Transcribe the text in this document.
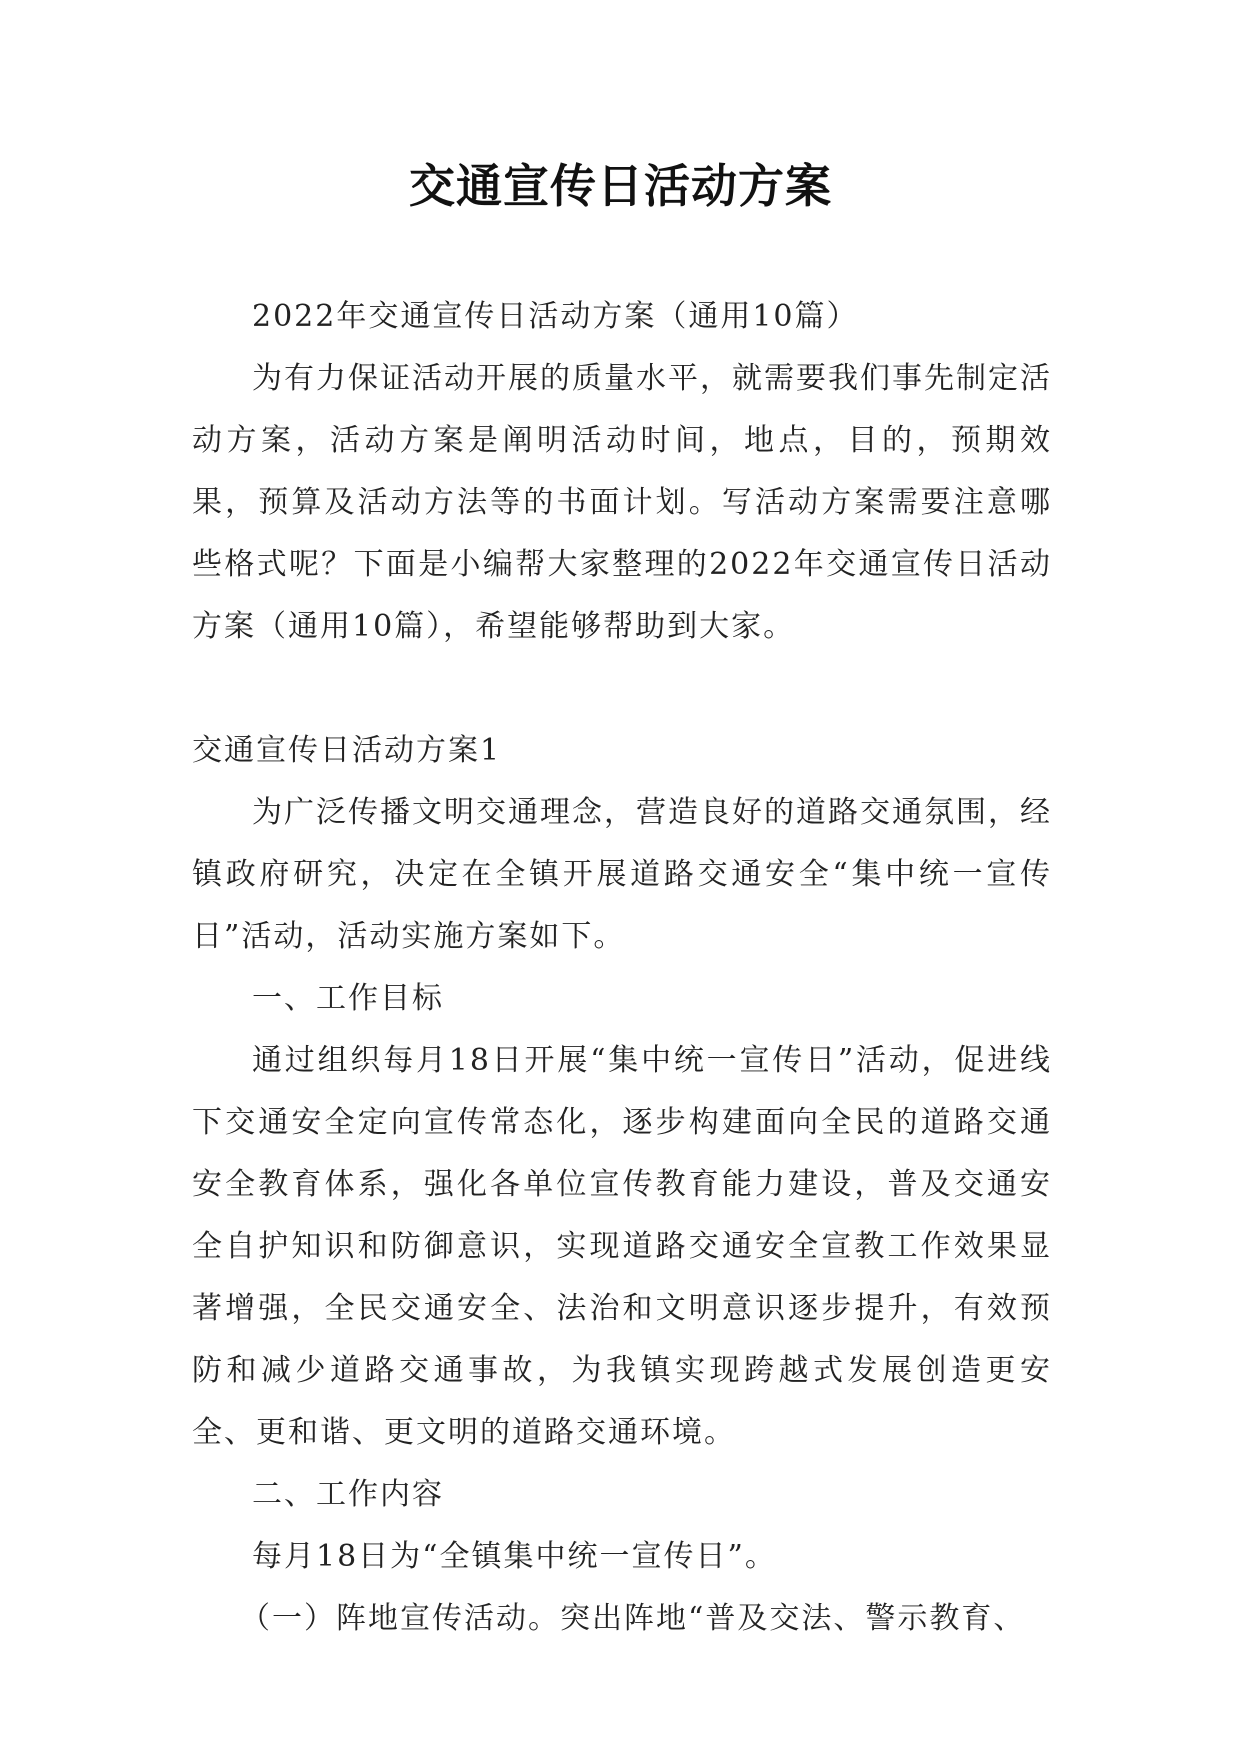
交通宣传日活动方案

2022年交通宣传日活动方案（通用10篇）

为有力保证活动开展的质量水平，就需要我们事先制定活动方案，活动方案是阐明活动时间，地点，目的，预期效果，预算及活动方法等的书面计划。写活动方案需要注意哪些格式呢？下面是小编帮大家整理的2022年交通宣传日活动方案（通用10篇），希望能够帮助到大家。

交通宣传日活动方案1

为广泛传播文明交通理念，营造良好的道路交通氛围，经镇政府研究，决定在全镇开展道路交通安全“集中统一宣传日”活动，活动实施方案如下。

一、工作目标

通过组织每月18日开展“集中统一宣传日”活动，促进线下交通安全定向宣传常态化，逐步构建面向全民的道路交通安全教育体系，强化各单位宣传教育能力建设，普及交通安全自护知识和防御意识，实现道路交通安全宣教工作效果显著增强，全民交通安全、法治和文明意识逐步提升，有效预防和减少道路交通事故，为我镇实现跨越式发展创造更安全、更和谐、更文明的道路交通环境。

二、工作内容

每月18日为“全镇集中统一宣传日”。

（一）阵地宣传活动。突出阵地“普及交法、警示教育、
